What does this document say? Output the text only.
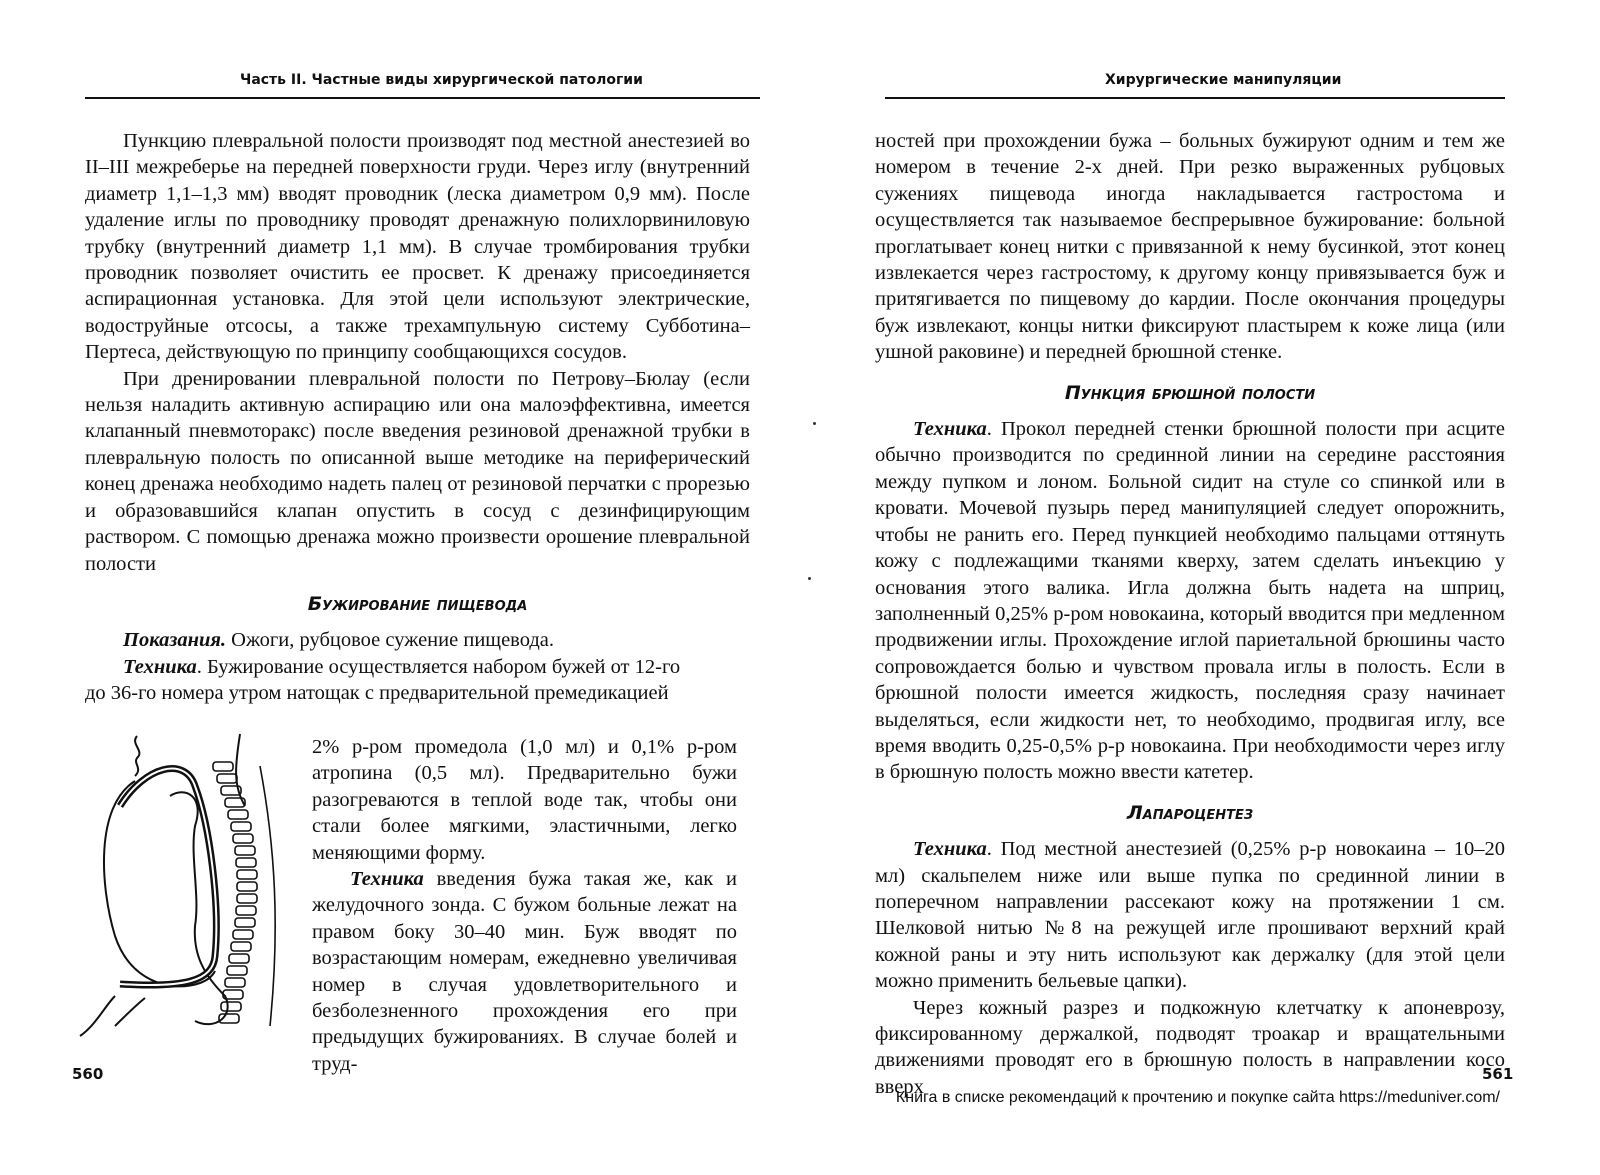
Часть II. Частные виды хирургической патологии

Пункцию плевральной полости производят под местной анестезией во II–III межреберье на передней поверхности груди. Через иглу (внутренний диаметр 1,1–1,3 мм) вводят проводник (леска диаметром 0,9 мм). После удаление иглы по проводнику проводят дренажную полихлорвиниловую трубку (внутренний диаметр 1,1 мм). В случае тромбирования трубки проводник позволяет очистить ее просвет. К дренажу присоединяется аспирационная установка. Для этой цели используют электрические, водоструйные отсосы, а также трехампульную систему Субботина–Пертеса, действующую по принципу сообщающихся сосудов.

При дренировании плевральной полости по Петрову–Бюлау (если нельзя наладить активную аспирацию или она малоэффективна, имеется клапанный пневмоторакс) после введения резиновой дренажной трубки в плевральную полость по описанной выше методике на периферический конец дренажа необходимо надеть палец от резиновой перчатки с прорезью и образовавшийся клапан опустить в сосуд с дезинфицирующим раствором. С помощью дренажа можно произвести орошение плевральной полости

Бужирование пищевода

Показания. Ожоги, рубцовое сужение пищевода.

Техника. Бужирование осуществляется набором бужей от 12-го

до 36-го номера утром натощак с предварительной премедикацией

2% р-ром промедола (1,0 мл) и 0,1% р-ром атропина (0,5 мл). Предварительно бужи разогреваются в теплой воде так, чтобы они стали более мягкими, эластичными, легко меняющими форму.

Техника введения бужа такая же, как и желудочного зонда. С бужом больные лежат на правом боку 30–40 мин. Буж вводят по возрастающим номерам, ежедневно увеличивая номер в случая удовлетворительного и безболезненного прохождения его при предыдущих бужированиях. В случае болей и труд-

560
Хирургические манипуляции

ностей при прохождении бужа – больных бужируют одним и тем же номером в течение 2-х дней. При резко выраженных рубцовых сужениях пищевода иногда накладывается гастростома и осуществляется так называемое беспрерывное бужирование: больной проглатывает конец нитки с привязанной к нему бусинкой, этот конец извлекается через гастростому, к другому концу привязывается буж и притягивается по пищевому до кардии. После окончания процедуры буж извлекают, концы нитки фиксируют пластырем к коже лица (или ушной раковине) и передней брюшной стенке.

Пункция брюшной полости

Техника. Прокол передней стенки брюшной полости при асците обычно производится по срединной линии на середине расстояния между пупком и лоном. Больной сидит на стуле со спинкой или в кровати. Мочевой пузырь перед манипуляцией следует опорожнить, чтобы не ранить его. Перед пункцией необходимо пальцами оттянуть кожу с подлежащими тканями кверху, затем сделать инъекцию у основания этого валика. Игла должна быть надета на шприц, заполненный 0,25% р-ром новокаина, который вводится при медленном продвижении иглы. Прохождение иглой париетальной брюшины часто сопровождается болью и чувством провала иглы в полость. Если в брюшной полости имеется жидкость, последняя сразу начинает выделяться, если жидкости нет, то необходимо, продвигая иглу, все время вводить 0,25-0,5% р-р новокаина. При необходимости через иглу в брюшную полость можно ввести катетер.

Лапароцентез

Техника. Под местной анестезией (0,25% р-р новокаина – 10–20 мл) скальпелем ниже или выше пупка по срединной линии в поперечном направлении рассекают кожу на протяжении 1 см. Шелковой нитью №8 на режущей игле прошивают верхний край кожной раны и эту нить используют как держалку (для этой цели можно применить бельевые цапки).

Через кожный разрез и подкожную клетчатку к апоневрозу, фиксированному держалкой, подводят троакар и вращательными движениями проводят его в брюшную полость в направлении косо вверх

561
Книга в списке рекомендаций к прочтению и покупке сайта https://meduniver.com/
